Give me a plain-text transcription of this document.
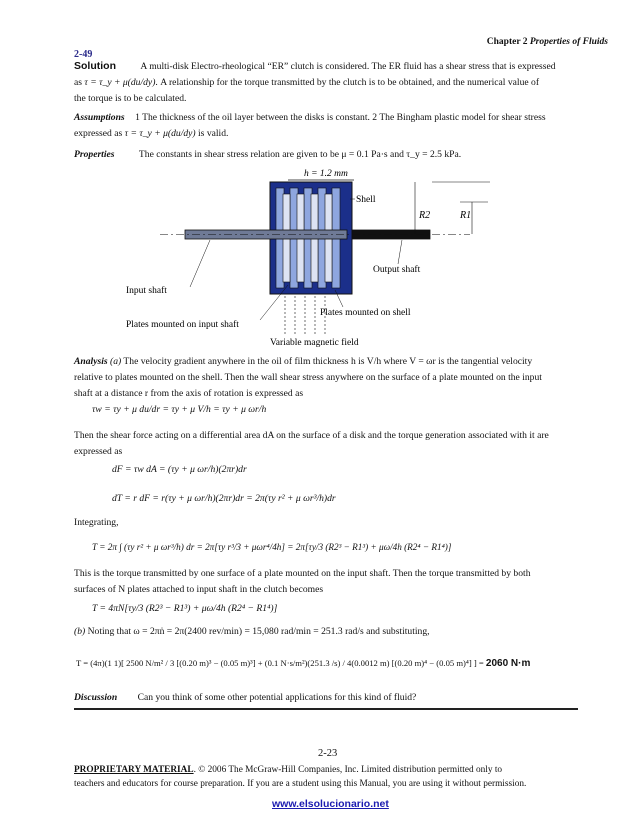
Chapter 2 Properties of Fluids
2-49
Solution	A multi-disk Electro-rheological “ER” clutch is considered. The ER fluid has a shear stress that is expressed
as τ = τ_y + μ(du/dy). A relationship for the torque transmitted by the clutch is to be obtained, and the numerical value of
the torque is to be calculated.
Assumptions 1 The thickness of the oil layer between the disks is constant. 2 The Bingham plastic model for shear stress
expressed as τ = τ_y + μ(du/dy) is valid.
Properties	The constants in shear stress relation are given to be μ = 0.1 Pa·s and τ_y = 2.5 kPa.
h = 1.2 mm
R2	R1
Shell
Output shaft
Input shaft
Plates mounted on shell
Plates mounted on input shaft
Variable magnetic field
Analysis (a) The velocity gradient anywhere in the oil of film thickness h is V/h where V = ωr is the tangential velocity
relative to plates mounted on the shell. Then the wall shear stress anywhere on the surface of a plate mounted on the input
shaft at a distance r from the axis of rotation is expressed as
τw = τy + μ du/dr = τy + μ V/h = τy + μ ωr/h
Then the shear force acting on a differential area dA on the surface of a disk and the torque generation associated with it are
expressed as
dF = τw dA = (τy + μ ωr/h)(2πr)dr
dT = r dF = r(τy + μ ωr/h)(2πr)dr = 2π(τy r² + μ ωr³/h)dr
Integrating,
T = 2π ∫ (τy r² + μ ωr³/h) dr = 2π[τy r³/3 + μωr⁴/4h] = 2π[τy/3 (R2³ − R1³) + μω/4h (R2⁴ − R1⁴)]
This is the torque transmitted by one surface of a plate mounted on the input shaft. Then the torque transmitted by both
surfaces of N plates attached to input shaft in the clutch becomes
T = 4πN[τy/3 (R2³ − R1³) + μω/4h (R2⁴ − R1⁴)]
(b) Noting that ω = 2πṅ = 2π(2400 rev/min) = 15,080 rad/min = 251.3 rad/s and substituting,
T = (4π)(1 1)[ 2500 N/m² / 3 [(0.20 m)³ − (0.05 m)³] + (0.1 N·s/m²)(251.3 /s) / 4(0.0012 m) [(0.20 m)⁴ − (0.05 m)⁴] ] = 2060 N·m
Discussion Can you think of some other potential applications for this kind of fluid?
2-23
PROPRIETARY MATERIAL. © 2006 The McGraw-Hill Companies, Inc. Limited distribution permitted only to
teachers and educators for course preparation. If you are a student using this Manual, you are using it without permission.
www.elsolucionario.net
